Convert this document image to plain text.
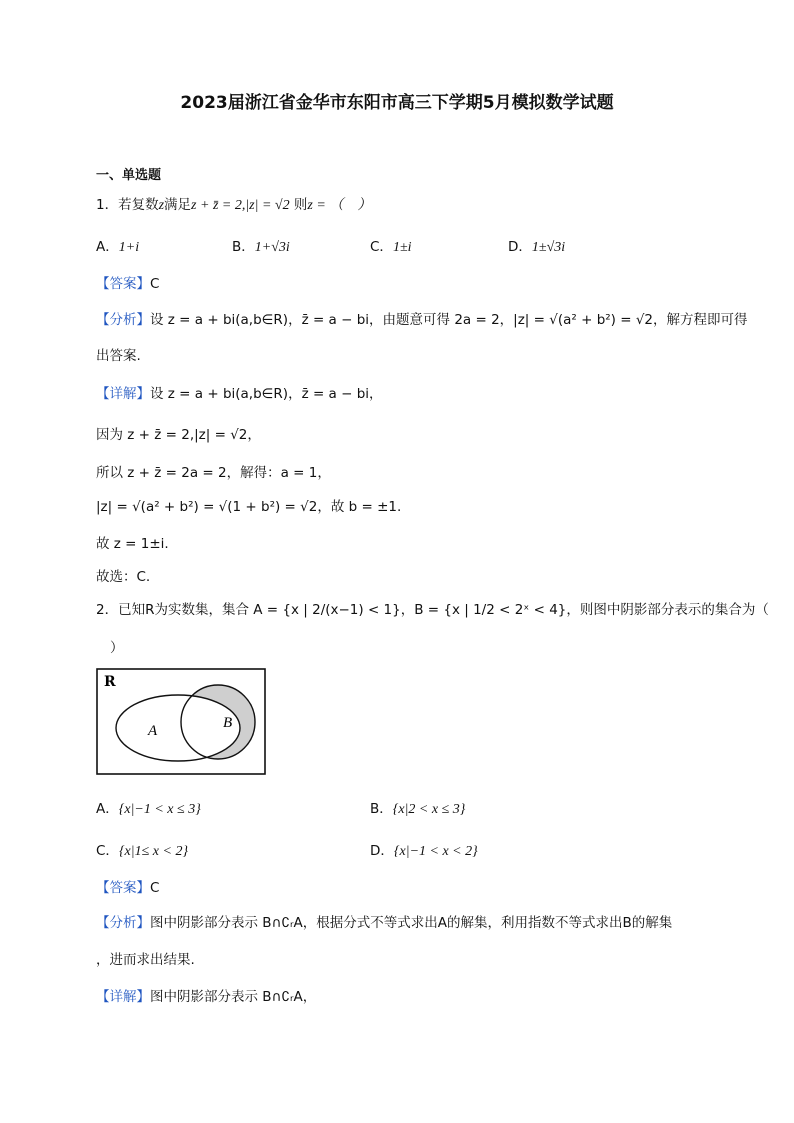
2023届浙江省金华市东阳市高三下学期5月模拟数学试题
一、单选题
1．若复数z满足z + z̄ = 2,|z| = √2 则z = （　）
A．1+i	B．1+√3i	C．1±i	D．1±√3i
【答案】C
【分析】设 z = a + bi(a,b∈R)，z̄ = a − bi，由题意可得 2a = 2，|z| = √(a² + b²) = √2，解方程即可得
出答案.
【详解】设 z = a + bi(a,b∈R)，z̄ = a − bi，
因为 z + z̄ = 2,|z| = √2，
所以 z + z̄ = 2a = 2，解得：a = 1，
|z| = √(a² + b²) = √(1 + b²) = √2，故 b = ±1.
故 z = 1±i.
故选：C.
2．已知R为实数集，集合 A = {x | 2/(x−1) < 1}，B = {x | 1/2 < 2ˣ < 4}，则图中阴影部分表示的集合为（
）
R
A	B
A．{x|−1 < x ≤ 3}	B．{x|2 < x ≤ 3}
C．{x|1≤ x < 2}	D．{x|−1 < x < 2}
【答案】C
【分析】图中阴影部分表示 B∩∁ᵣA，根据分式不等式求出A的解集，利用指数不等式求出B的解集
，进而求出结果.
【详解】图中阴影部分表示 B∩∁ᵣA，
